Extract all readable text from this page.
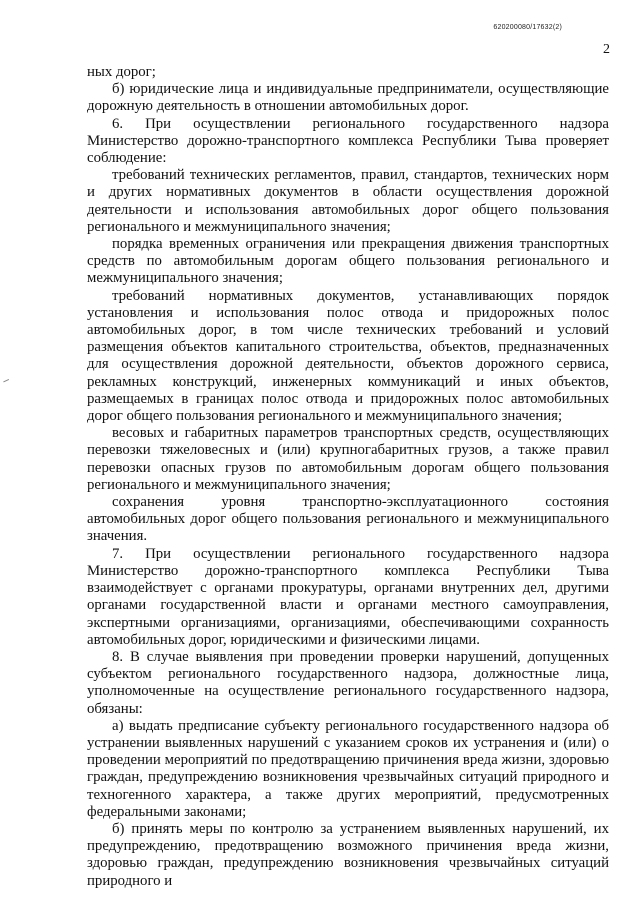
620200080/17632(2)
2

ных дорог;

б) юридические лица и индивидуальные предприниматели, осуществляющие дорожную деятельность в отношении автомобильных дорог.

6. При осуществлении регионального государственного надзора Министерство дорожно-транспортного комплекса Республики Тыва проверяет соблюдение:

требований технических регламентов, правил, стандартов, технических норм и других нормативных документов в области осуществления дорожной деятельности и использования автомобильных дорог общего пользования регионального и межмуниципального значения;

порядка временных ограничения или прекращения движения транспортных средств по автомобильным дорогам общего пользования регионального и межмуниципального значения;

требований нормативных документов, устанавливающих порядок установления и использования полос отвода и придорожных полос автомобильных дорог, в том числе технических требований и условий размещения объектов капитального строительства, объектов, предназначенных для осуществления дорожной деятельности, объектов дорожного сервиса, рекламных конструкций, инженерных коммуникаций и иных объектов, размещаемых в границах полос отвода и придорожных полос автомобильных дорог общего пользования регионального и межмуниципального значения;

весовых и габаритных параметров транспортных средств, осуществляющих перевозки тяжеловесных и (или) крупногабаритных грузов, а также правил перевозки опасных грузов по автомобильным дорогам общего пользования регионального и межмуниципального значения;

сохранения уровня транспортно-эксплуатационного состояния автомобильных дорог общего пользования регионального и межмуниципального значения.

7. При осуществлении регионального государственного надзора Министерство дорожно-транспортного комплекса Республики Тыва взаимодействует с органами прокуратуры, органами внутренних дел, другими органами государственной власти и органами местного самоуправления, экспертными организациями, организациями, обеспечивающими сохранность автомобильных дорог, юридическими и физическими лицами.

8. В случае выявления при проведении проверки нарушений, допущенных субъектом регионального государственного надзора, должностные лица, уполномоченные на осуществление регионального государственного надзора, обязаны:

а) выдать предписание субъекту регионального государственного надзора об устранении выявленных нарушений с указанием сроков их устранения и (или) о проведении мероприятий по предотвращению причинения вреда жизни, здоровью граждан, предупреждению возникновения чрезвычайных ситуаций природного и техногенного характера, а также других мероприятий, предусмотренных федеральными законами;

б) принять меры по контролю за устранением выявленных нарушений, их предупреждению, предотвращению возможного причинения вреда жизни, здоровью граждан, предупреждению возникновения чрезвычайных ситуаций природного и
